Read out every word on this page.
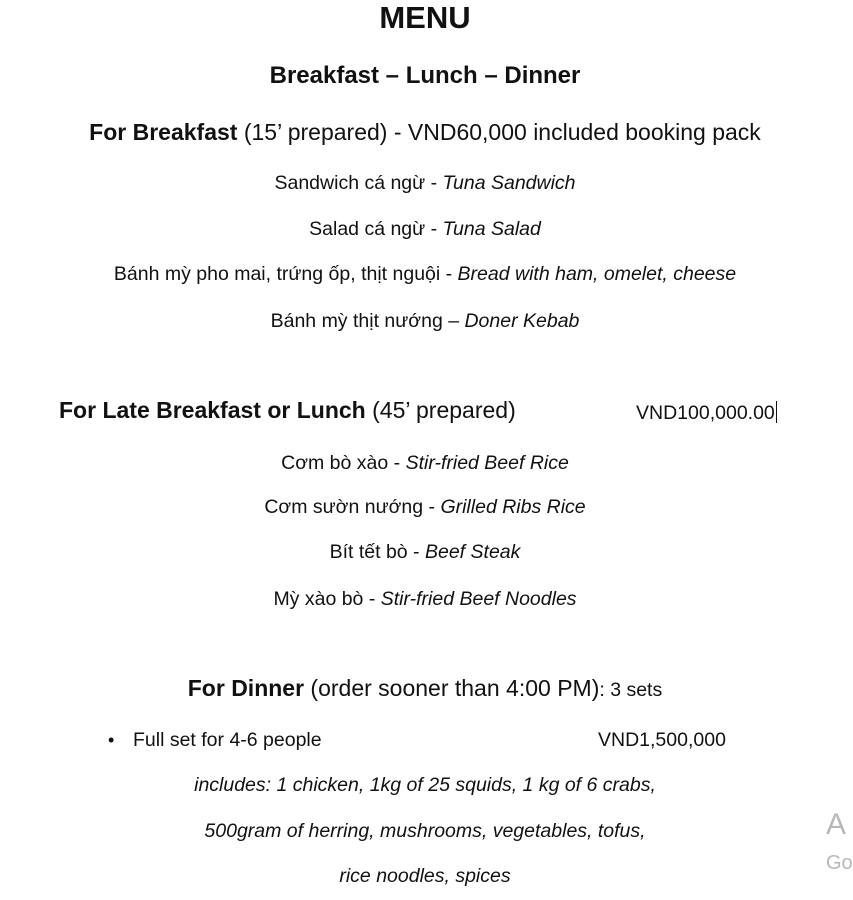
MENU
Breakfast – Lunch – Dinner
For Breakfast (15’ prepared) - VND60,000 included booking pack
Sandwich cá ngừ - Tuna Sandwich
Salad cá ngừ - Tuna Salad
Bánh mỳ pho mai, trứng ốp, thịt nguội - Bread with ham, omelet, cheese
Bánh mỳ thịt nướng – Doner Kebab
For Late Breakfast or Lunch (45’ prepared)	VND100,000.00
Cơm bò xào - Stir-fried Beef Rice
Cơm sườn nướng - Grilled Ribs Rice
Bít tết bò - Beef Steak
Mỳ xào bò - Stir-fried Beef Noodles
For Dinner (order sooner than 4:00 PM): 3 sets
• Full set for 4-6 people	VND1,500,000
includes: 1 chicken, 1kg of 25 squids, 1 kg of 6 crabs,
500gram of herring, mushrooms, vegetables, tofus,
rice noodles, spices
A
Go
